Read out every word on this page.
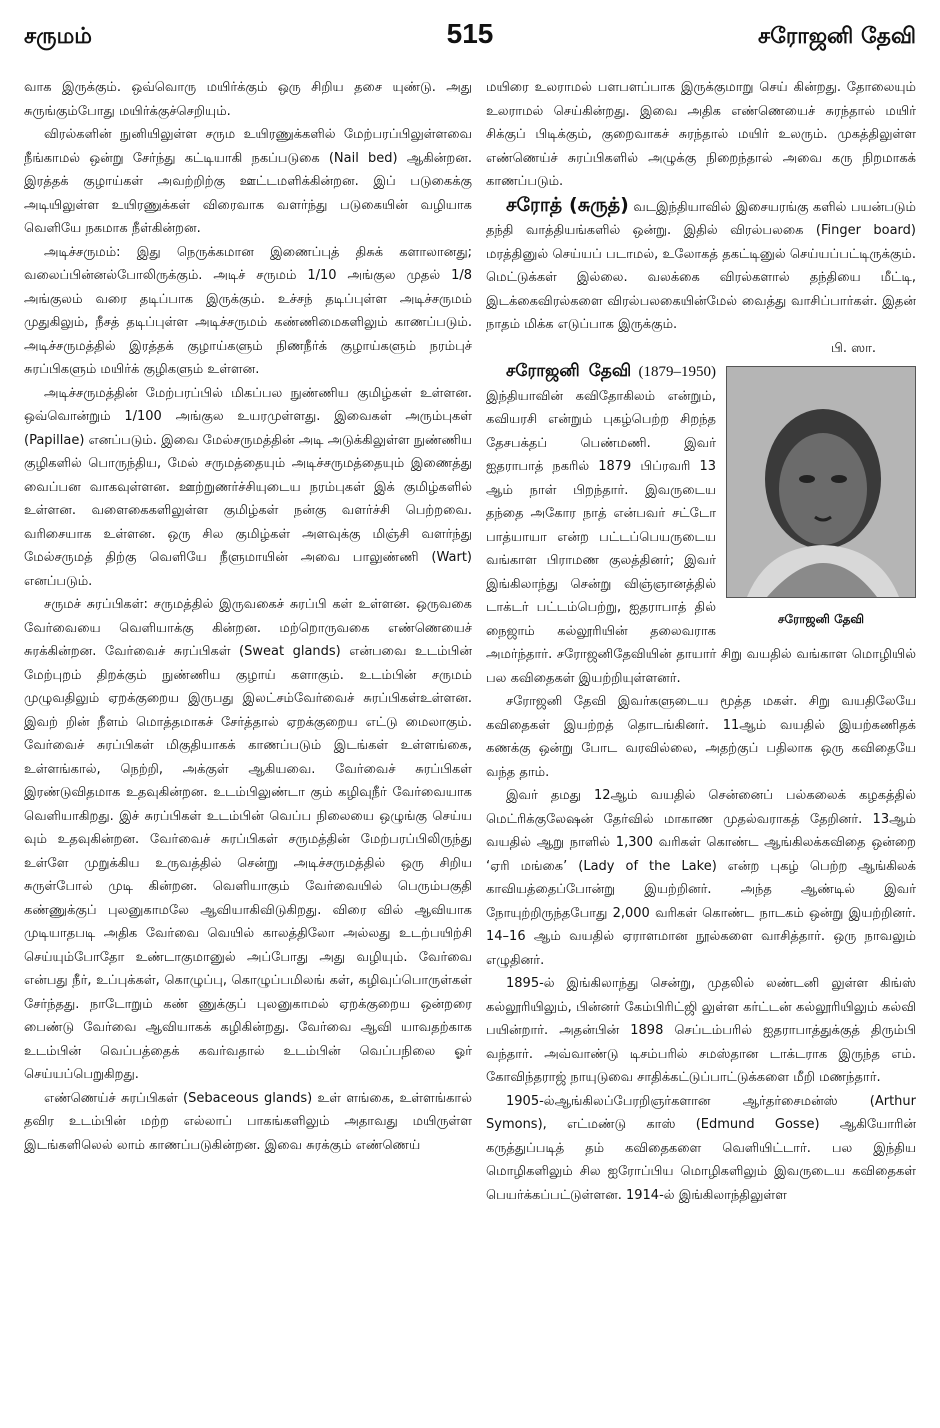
சருமம்	515	சரோஜனி தேவி

வாக இருக்கும். ஒவ்வொரு மயிர்க்கும் ஒரு சிறிய தசை யுண்டு. அது சுருங்கும்போது மயிர்க்குச்செறியும்.

விரல்களின் நுனியிலுள்ள சரும உயிரணுக்களில் மேற்பரப்பிலுள்ளவை நீங்காமல் ஒன்று சேர்ந்து கட்டியாகி நகப்படுகை (Nail bed) ஆகின்றன. இரத்தக் குழாய்கள் அவற்றிற்கு ஊட்டமளிக்கின்றன. இப் படுகைக்கு அடியிலுள்ள உயிரணுக்கள் விரைவாக வளர்ந்து படுகையின் வழியாக வெளியே நகமாக நீள்கின்றன.

அடிச்சருமம்: இது நெருக்கமான இணைப்புத் திசுக் களாலானது; வலைப்பின்னல்போலிருக்கும். அடிச் சருமம் 1/10 அங்குல முதல் 1/8 அங்குலம் வரை தடிப்பாக இருக்கும். உச்சந் தடிப்புள்ள அடிச்சருமம் முதுகிலும், நீசத் தடிப்புள்ள அடிச்சருமம் கண்ணிமைகளிலும் காணப்படும். அடிச்சருமத்தில் இரத்தக் குழாய்களும் நிணநீர்க் குழாய்களும் நரம்புச் சுரப்பிகளும் மயிர்க் குழிகளும் உள்ளன.

அடிச்சருமத்தின் மேற்பரப்பில் மிகப்பல நுண்ணிய குமிழ்கள் உள்ளன. ஒவ்வொன்றும் 1/100 அங்குல உயரமுள்ளது. இவைகள் அரும்புகள் (Papillae) எனப்படும். இவை மேல்சருமத்தின் அடி அடுக்கிலுள்ள நுண்ணிய குழிகளில் பொருந்திய, மேல் சருமத்தையும் அடிச்சருமத்தையும் இணைத்து வைப்பன வாகவுள்ளன. ஊற்றுணர்ச்சியுடைய நரம்புகள் இக் குமிழ்களில் உள்ளன. வளைகைகளிலுள்ள குமிழ்கள் நன்கு வளர்ச்சி பெற்றவை. வரிசையாக உள்ளன. ஒரு சில குமிழ்கள் அளவுக்கு மிஞ்சி வளர்ந்து மேல்சருமத் திற்கு வெளியே நீளுமாயின் அவை பாலுண்ணி (Wart) எனப்படும்.

சருமச் சுரப்பிகள்: சருமத்தில் இருவகைச் சுரப்பி கள் உள்ளன. ஒருவகை வேர்வையை வெளியாக்கு கின்றன. மற்றொருவகை எண்ணெயைச் சுரக்கின்றன. வேர்வைச் சுரப்பிகள் (Sweat glands) என்பவை உடம்பின் மேற்புறம் திறக்கும் நுண்ணிய குழாய் களாகும். உடம்பின் சருமம் முழுவதிலும் ஏறக்குறைய இருபது இலட்சம்வேர்வைச் சுரப்பிகள்உள்ளன. இவற் றின் நீளம் மொத்தமாகச் சேர்த்தால் ஏறக்குறைய எட்டு மைலாகும். வேர்வைச் சுரப்பிகள் மிகுதியாகக் காணப்படும் இடங்கள் உள்ளங்கை, உள்ளங்கால், நெற்றி, அக்குள் ஆகியவை. வேர்வைச் சுரப்பிகள் இரண்டுவிதமாக உதவுகின்றன. உடம்பிலுண்டா கும் கழிவுநீர் வேர்வையாக வெளியாகிறது. இச் சுரப்பிகள் உடம்பின் வெப்ப நிலையை ஒழுங்கு செய்ய வும் உதவுகின்றன. வேர்வைச் சுரப்பிகள் சருமத்தின் மேற்பரப்பிலிருந்து உள்ளே முறுக்கிய உருவத்தில் சென்று அடிச்சருமத்தில் ஒரு சிறிய சுருள்போல் முடி கின்றன. வெளியாகும் வேர்வையில் பெரும்பகுதி கண்ணுக்குப் புலனுகாமலே ஆவியாகிவிடுகிறது. விரை வில் ஆவியாக முடியாதபடி அதிக வேர்வை வெயில் காலத்திலோ அல்லது உடற்பயிற்சி செய்யும்போதோ உண்டாகுமானுல் அப்போது அது வழியும். வேர்வை என்பது நீர், உப்புக்கள், கொழுப்பு, கொழுப்பமிலங் கள், கழிவுப்பொருள்கள் சேர்ந்தது. நாடோறும் கண் ணுக்குப் புலனுகாமல் ஏறக்குறைய ஒன்றரை பைண்டு வேர்வை ஆவியாகக் கழிகின்றது. வேர்வை ஆவி யாவதற்காக உடம்பின் வெப்பத்தைக் கவர்வதால் உடம்பின் வெப்பநிலை ஓர் செய்யப்பெறுகிறது.

எண்ணெய்ச் சுரப்பிகள் (Sebaceous glands) உள் ளங்கை, உள்ளங்கால் தவிர உடம்பின் மற்ற எல்லாப் பாகங்களிலும் அதாவது மயிருள்ள இடங்களிலெல் லாம் காணப்படுகின்றன. இவை சுரக்கும் எண்ணெய்

மயிரை உலராமல் பளபளப்பாக இருக்குமாறு செய் கின்றது. தோலையும் உலராமல் செய்கின்றது. இவை அதிக எண்ணெயைச் சுரந்தால் மயிர் சிக்குப் பிடிக்கும், குறைவாகச் சுரந்தால் மயிர் உலரும். முகத்திலுள்ள எண்ணெய்ச் சுரப்பிகளில் அழுக்கு நிறைந்தால் அவை கரு நிறமாகக் காணப்படும்.

சரோத் (சுருத்) வடஇந்தியாவில் இசையரங்கு களில் பயன்படும் தந்தி வாத்தியங்களில் ஒன்று. இதில் விரல்பலகை (Finger board) மரத்தினுல் செய்யப் படாமல், உலோகத் தகட்டினுல் செய்யப்பட்டிருக்கும். மெட்டுக்கள் இல்லை. வலக்கை விரல்களால் தந்தியை மீட்டி, இடக்கைவிரல்களை விரல்பலகையின்மேல் வைத்து வாசிப்பார்கள். இதன் நாதம் மிக்க எடுப்பாக இருக்கும்.
பி. ஸா.

சரோஜனி தேவி (1879–1950)
சரோஜனி தேவி
இந்தியாவின் கவிதோகிலம் என்றும், கவியரசி என்றும் புகழ்பெற்ற சிறந்த தேசபக்தப் பெண்மணி. இவர் ஐதராபாத் நகரில் 1879 பிப்ரவரி 13 ஆம் நாள் பிறந்தார். இவருடைய தந்தை அகோர நாத் என்பவர் சட்டோ பாத்யாயா என்ற பட்டப்பெயருடைய வங்காள பிராமண குலத்தினர்; இவர் இங்கிலாந்து சென்று விஞ்ஞானத்தில் டாக்டர் பட்டம்பெற்று, ஐதராபாத் தில் நைஜாம் கல்லூரியின் தலைவராக அமர்ந்தார். சரோஜனிதேவியின் தாயார் சிறு வயதில் வங்காள மொழியில் பல கவிதைகள் இயற்றியுள்ளனர்.

சரோஜனி தேவி இவர்களுடைய மூத்த மகள். சிறு வயதிலேயே கவிதைகள் இயற்றத் தொடங்கினர். 11ஆம் வயதில் இயற்கணிதக் கணக்கு ஒன்று போட வரவில்லை, அதற்குப் பதிலாக ஒரு கவிதையே வந்த தாம்.

இவர் தமது 12ஆம் வயதில் சென்னைப் பல்கலைக் கழகத்தில் மெட்ரிக்குலேஷன் தேர்வில் மாகாண முதல்வராகத் தேறினர். 13ஆம் வயதில் ஆறு நாளில் 1,300 வரிகள் கொண்ட ஆங்கிலக்கவிதை ஒன்றை ‘ஏரி மங்கை’ (Lady of the Lake) என்ற புகழ் பெற்ற ஆங்கிலக் காவியத்தைப்போன்று இயற்றினர். அந்த ஆண்டில் இவர் நோயுற்றிருந்தபோது 2,000 வரிகள் கொண்ட நாடகம் ஒன்று இயற்றினர். 14–16 ஆம் வயதில் ஏராளமான நூல்களை வாசித்தார். ஒரு நாவலும் எழுதினர்.

1895-ல் இங்கிலாந்து சென்று, முதலில் லண்டனி லுள்ள கிங்ஸ் கல்லூரியிலும், பின்னர் கேம்பிரிட்ஜி லுள்ள கர்ட்டன் கல்லூரியிலும் கல்வி பயின்றார். அதன்பின் 1898 செப்டம்பரில் ஐதராபாத்துக்குத் திரும்பி வந்தார். அவ்வாண்டு டிசம்பரில் சமஸ்தான டாக்டராக இருந்த எம். கோவிந்தராஜ் நாயுடுவை சாதிக்கட்டுப்பாட்டுக்களை மீறி மணந்தார்.

1905-ல்ஆங்கிலப்பேரறிஞர்களான ஆர்தர்சைமன்ஸ் (Arthur Symons), எட்மண்டு காஸ் (Edmund Gosse) ஆகியோரின் கருத்துப்படித் தம் கவிதைகளை வெளியிட்டார். பல இந்திய மொழிகளிலும் சில ஐரோப்பிய மொழிகளிலும் இவருடைய கவிதைகள் பெயர்க்கப்பட்டுள்ளன. 1914-ல் இங்கிலாந்திலுள்ள
